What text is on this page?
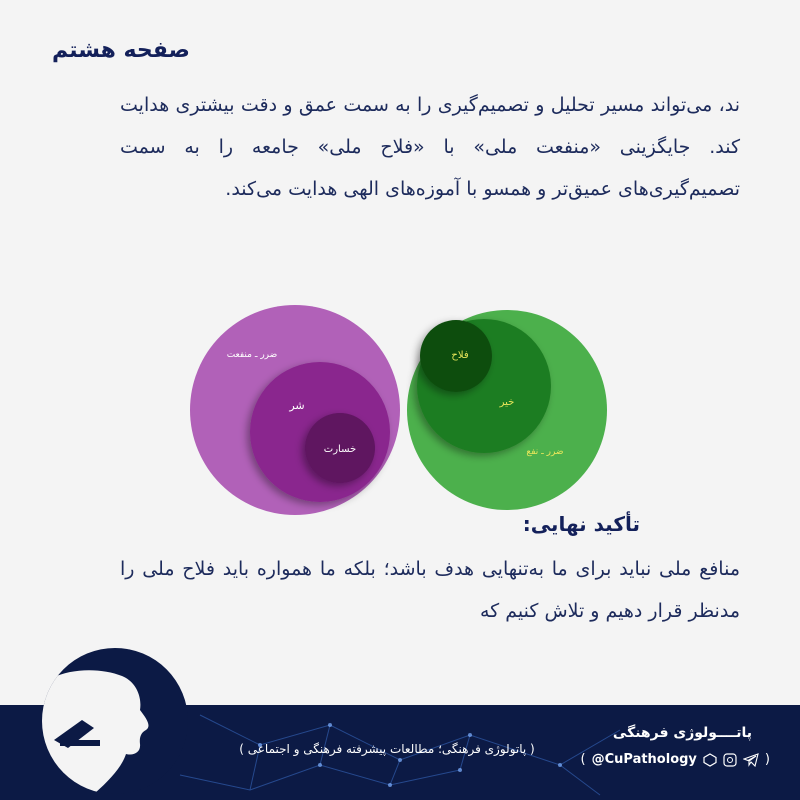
صفحه هشتم
ند، می‌تواند مسیر تحلیل و تصمیم‌گیری را به سمت عمق و دقت بیشتری هدایت کند. جایگزینی «منفعت ملی» با «فلاح ملی» جامعه را به سمت تصمیم‌گیری‌های عمیق‌تر و همسو با آموزه‌های الهی هدایت می‌کند.
ضرر ـ منفعت
شر
خسارت
فلاح
خیر
ضرر ـ نفع
تأکید نهایی:
منافع ملی نباید برای ما به‌تنهایی هدف باشد؛ بلکه ما همواره باید فلاح ملی را مدنظر قرار دهیم و تلاش کنیم که
پاتــــولوژی فرهنگی
( پاتولوژی فرهنگی؛ مطالعات پیشرفته فرهنگی و اجتماعی )
( @CuPathology	)
